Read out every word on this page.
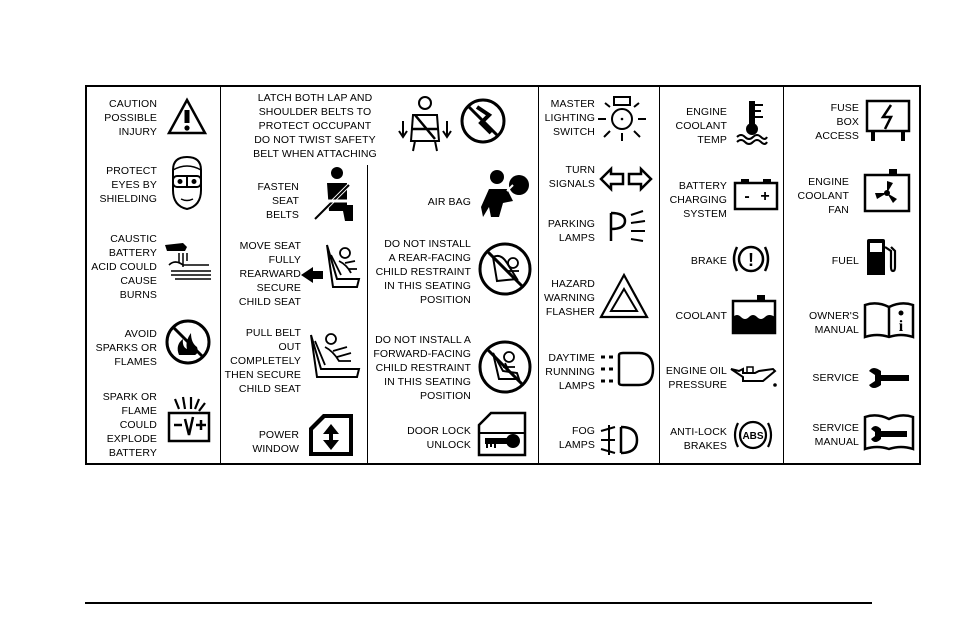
CAUTION
POSSIBLE
INJURY
PROTECT
EYES BY
SHIELDING
CAUSTIC
BATTERY
ACID COULD
CAUSE
BURNS
AVOID
SPARKS OR
FLAMES
SPARK OR
FLAME
COULD
EXPLODE
BATTERY
LATCH BOTH LAP AND
SHOULDER BELTS TO
PROTECT OCCUPANT
DO NOT TWIST SAFETY
BELT WHEN ATTACHING
FASTEN
SEAT
BELTS
MOVE SEAT
FULLY
REARWARD
SECURE
CHILD SEAT
PULL BELT
OUT
COMPLETELY
THEN SECURE
CHILD SEAT
POWER
WINDOW
AIR BAG
DO NOT INSTALL
A REAR-FACING
CHILD RESTRAINT
IN THIS SEATING
POSITION
DO NOT INSTALL A
FORWARD-FACING
CHILD RESTRAINT
IN THIS SEATING
POSITION
DOOR LOCK
UNLOCK
MASTER
LIGHTING
SWITCH
TURN
SIGNALS
PARKING
LAMPS
HAZARD
WARNING
FLASHER
DAYTIME
RUNNING
LAMPS
FOG
LAMPS
ENGINE
COOLANT
TEMP
BATTERY
CHARGING
SYSTEM
- +
BRAKE !
COOLANT
ENGINE OIL
PRESSURE
ANTI-LOCK
BRAKES
ABS
FUSE
BOX
ACCESS
ENGINE
COOLANT
FAN
FUEL
OWNER'S
MANUAL i
SERVICE
SERVICE
MANUAL
